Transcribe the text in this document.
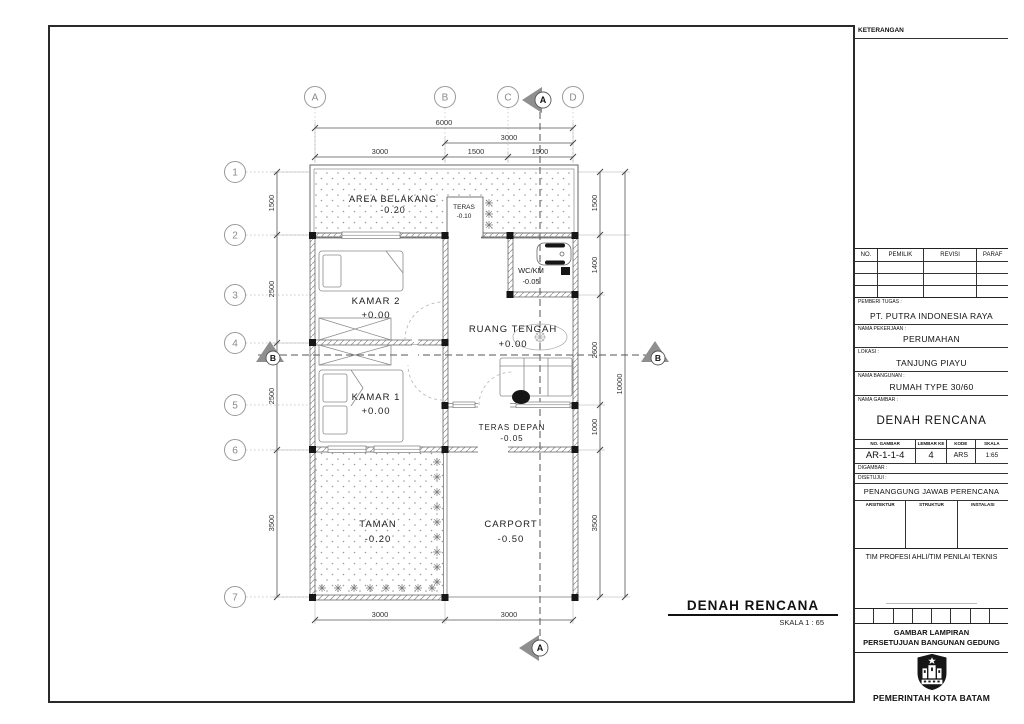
A	B	C	D
1
2
3
4
5
6
7
6000
3000
3000	1500	1500
3000	3000
1500
2500
2500
3500
1500
1400
2600
1000
3500
10000
A
A
B	B
AREA BELAKANG
-0.20	TERAS
-0.10
WC/KM
-0.05
KAMAR 2
+0.00
RUANG TENGAH
+0.00
KAMAR 1
+0.00
TERAS DEPAN
-0.05
TAMAN
-0.20
CARPORT
-0.50
DENAH RENCANA
SKALA 1 : 65
KETERANGAN
NO.	PEMILIK	REVISI	PARAF
PEMBERI TUGAS :
PT. PUTRA INDONESIA RAYA
NAMA PEKERJAAN :
PERUMAHAN
LOKASI :
TANJUNG PIAYU
NAMA BANGUNAN :
RUMAH TYPE 30/60
NAMA GAMBAR :
DENAH RENCANA
NO. GAMBAR
AR-1-1-4
LEMBAR KE
4
KODE
ARS
SKALA
1:65
DIGAMBAR :
DISETUJUI :
PENANGGUNG JAWAB PERENCANA
ARSITEKTUR	STRUKTUR	INSTALASI
TIM PROFESI AHLI/TIM PENILAI TEKNIS
GAMBAR LAMPIRAN
PERSETUJUAN BANGUNAN GEDUNG
PEMERINTAH KOTA BATAM
